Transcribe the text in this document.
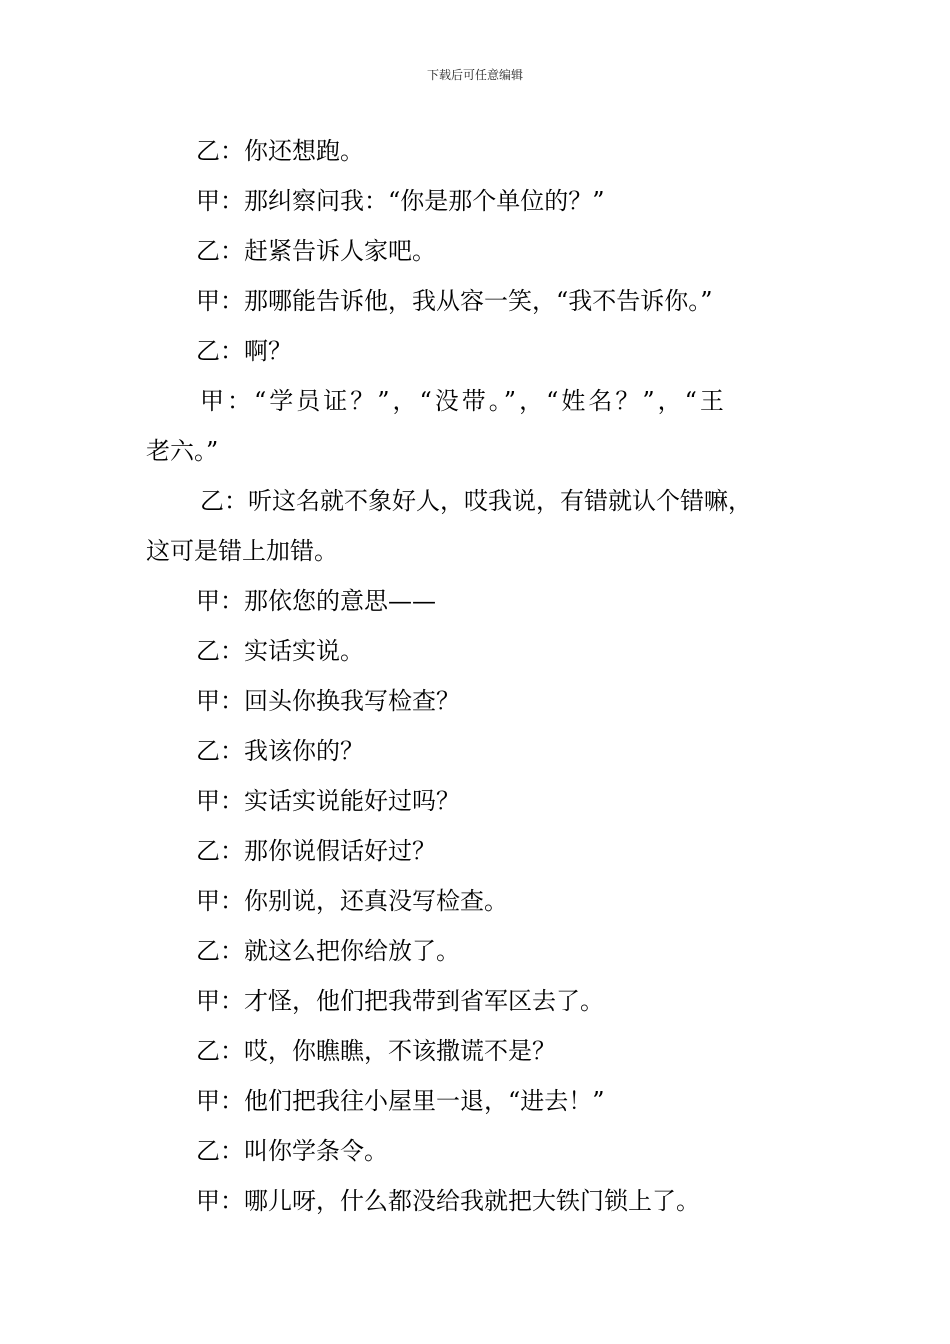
下载后可任意编辑
乙：你还想跑。
甲：那纠察问我：“你是那个单位的？”
乙：赶紧告诉人家吧。
甲：那哪能告诉他，我从容一笑，“我不告诉你。”
乙：啊？
甲：“学员证？”，“没带。”，“姓名？”，“王
老六。”
乙：听这名就不象好人，哎我说，有错就认个错嘛，
这可是错上加错。
甲：那依您的意思——
乙：实话实说。
甲：回头你换我写检查？
乙：我该你的？
甲：实话实说能好过吗？
乙：那你说假话好过？
甲：你别说，还真没写检查。
乙：就这么把你给放了。
甲：才怪，他们把我带到省军区去了。
乙：哎，你瞧瞧，不该撒谎不是？
甲：他们把我往小屋里一退，“进去！”
乙：叫你学条令。
甲：哪儿呀，什么都没给我就把大铁门锁上了。
